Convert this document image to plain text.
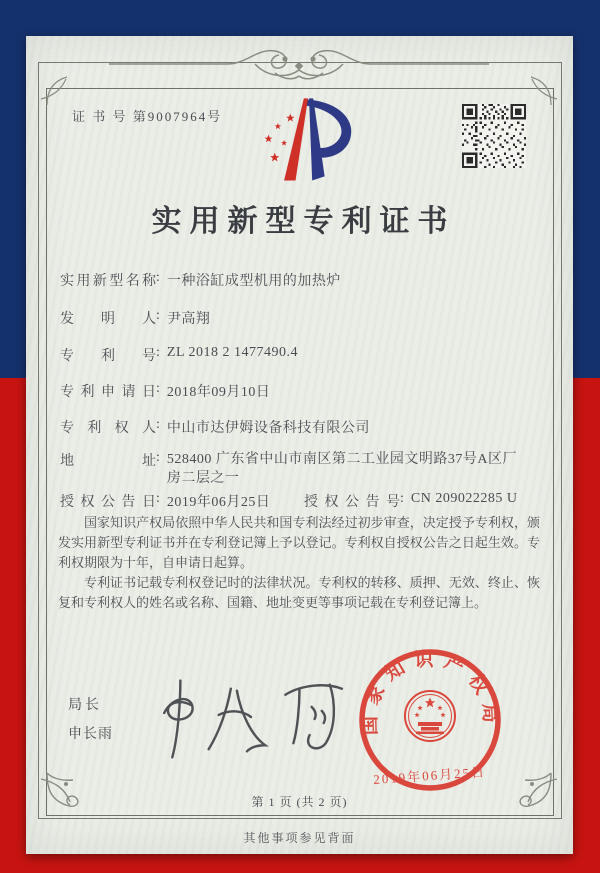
证 书 号 第9007964号
实用新型专利证书
实用新型名称 : 一种浴缸成型机用的加热炉
发明人 : 尹高翔
专利号 : ZL 2018 2 1477490.4
专利申请日 : 2018年09月10日
专利权人 : 中山市达伊姆设备科技有限公司
地址 : 528400 广东省中山市南区第二工业园文明路37号A区厂房二层之一
授权公告日 : 2019年06月25日 授权公告号 : CN 209022285 U

国家知识产权局依照中华人民共和国专利法经过初步审查，决定授予专利权，颁发实用新型专利证书并在专利登记簿上予以登记。专利权自授权公告之日起生效。专利权期限为十年，自申请日起算。

专利证书记载专利权登记时的法律状况。专利权的转移、质押、无效、终止、恢复和专利权人的姓名或名称、国籍、地址变更等事项记载在专利登记簿上。

局长
申长雨	国家知识产权局
2019年06月25日
第 1 页 (共 2 页)
其他事项参见背面
